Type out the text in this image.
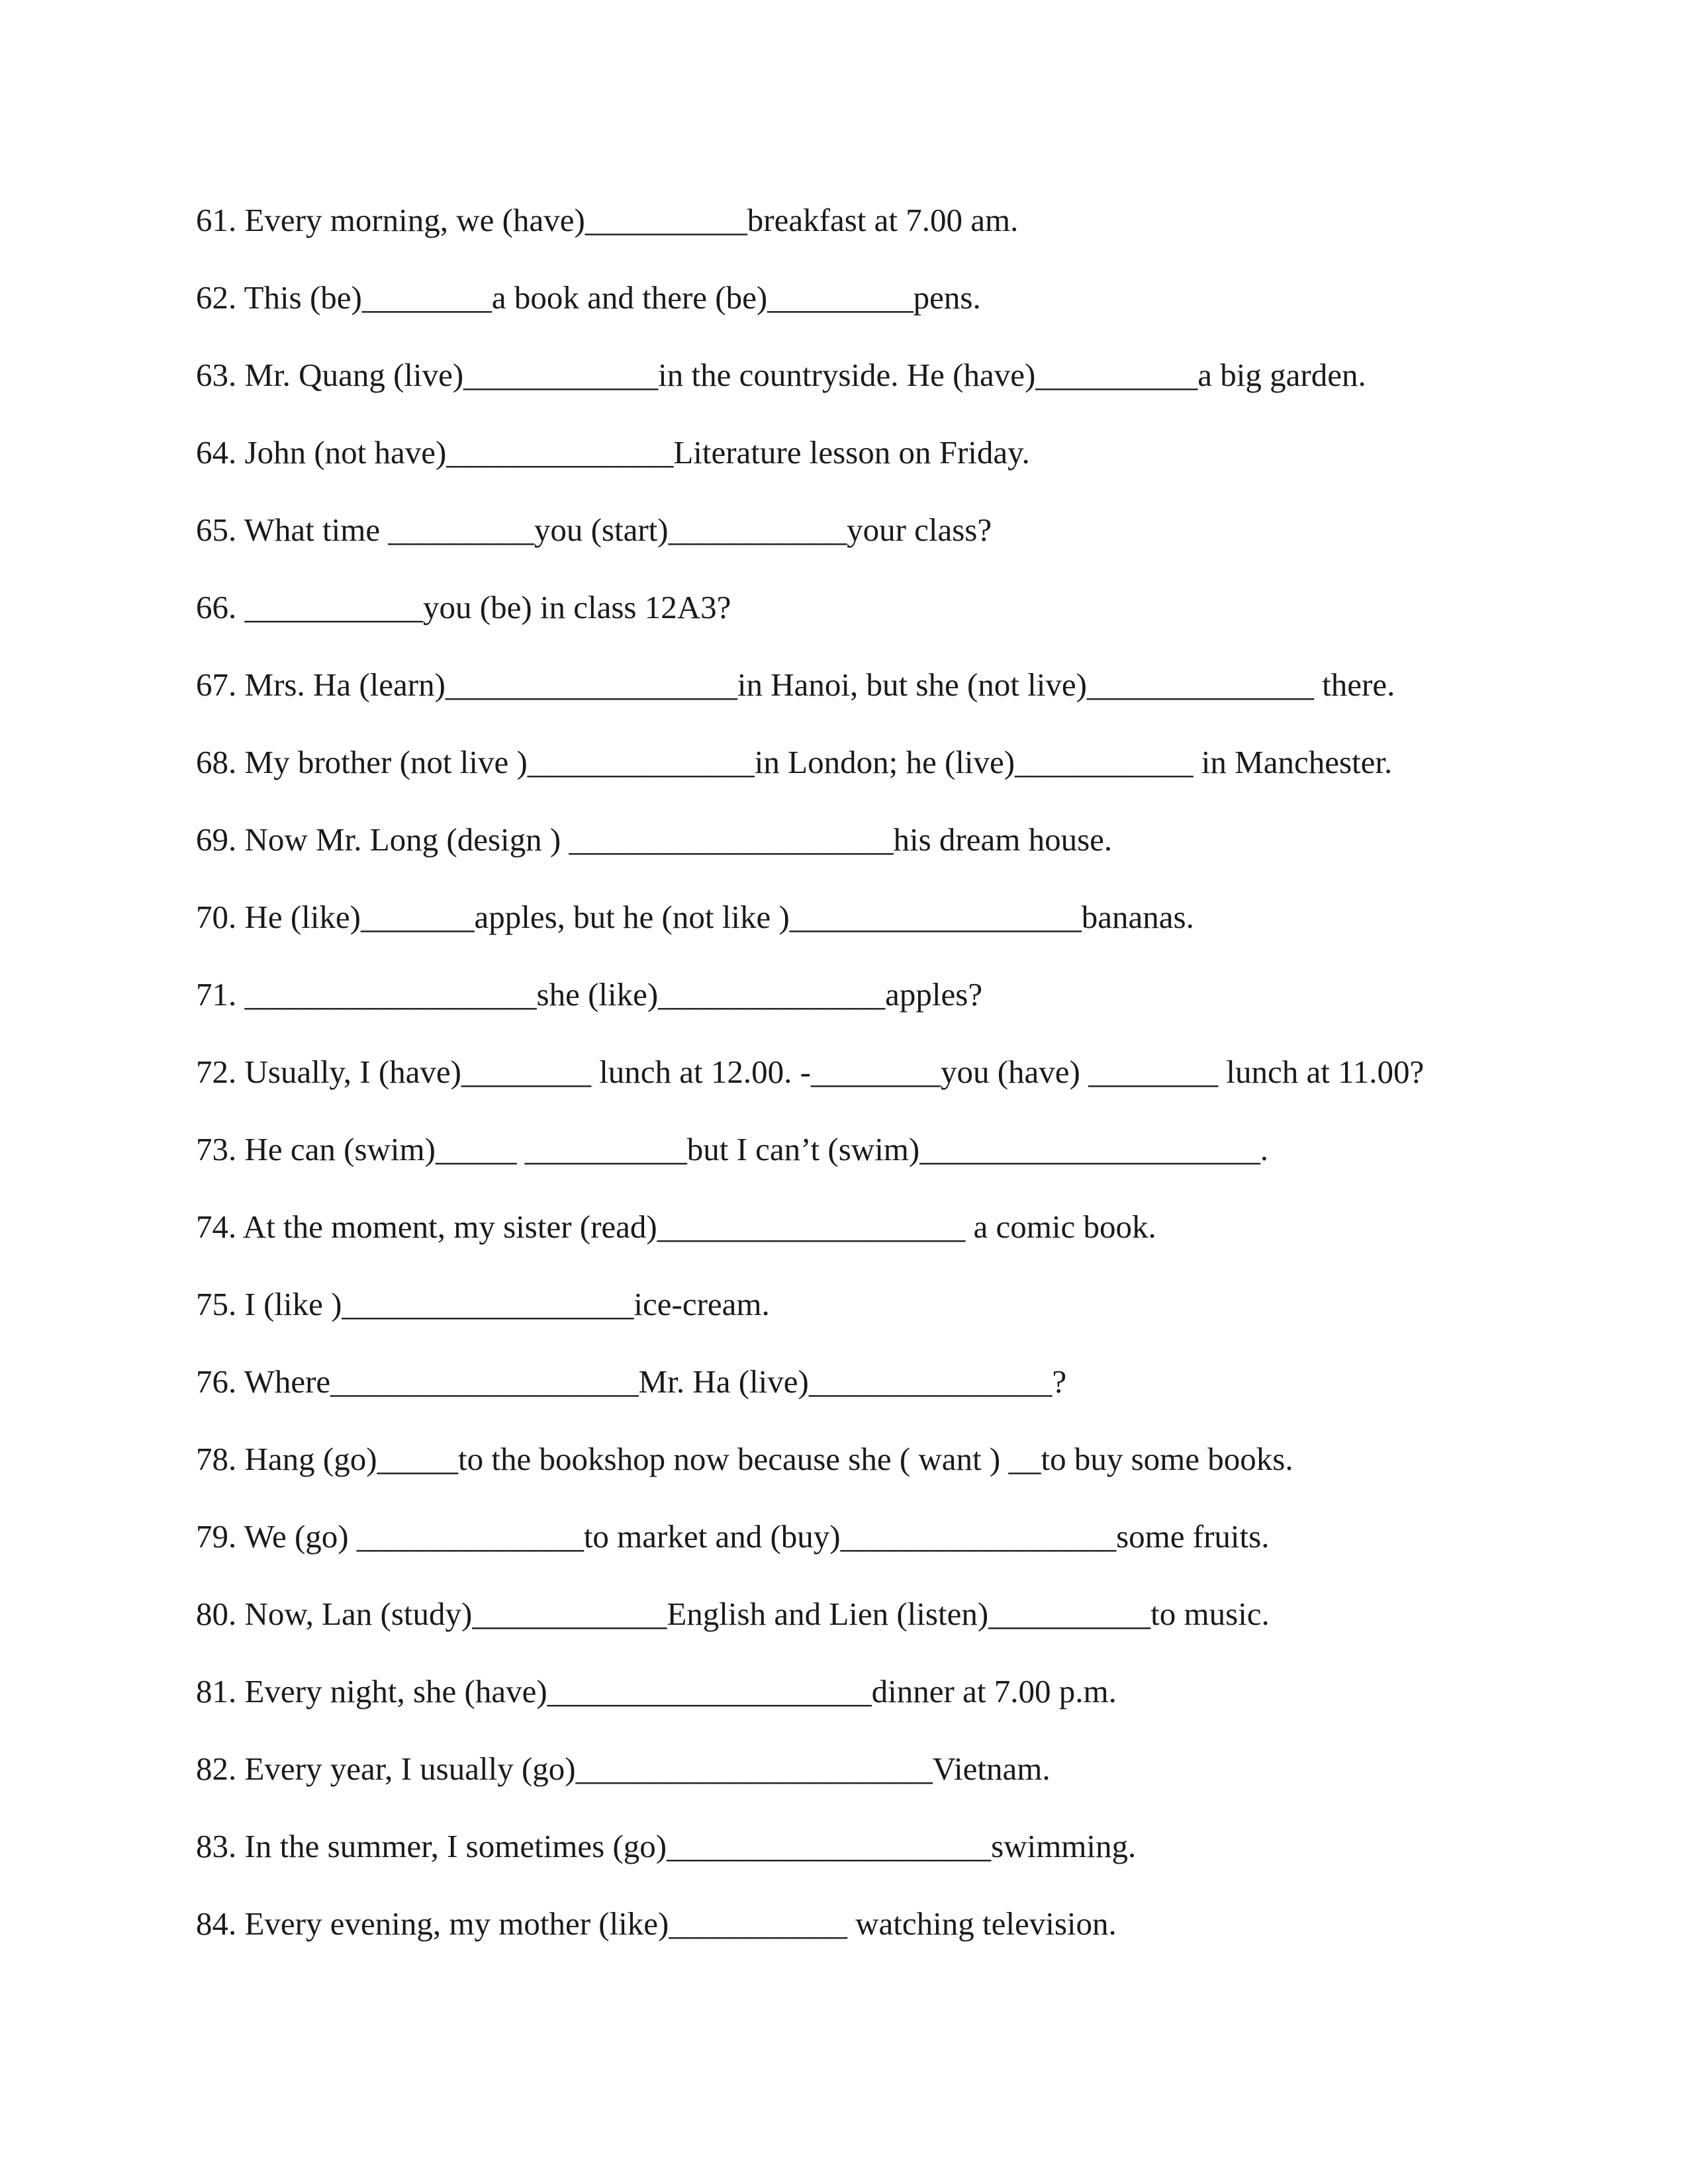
61. Every morning, we (have)__________breakfast at 7.00 am.
62. This (be)________a book and there (be)_________pens.
63. Mr. Quang (live)____________in the countryside. He (have)__________a big garden.
64. John (not have)______________Literature lesson on Friday.
65. What time _________you (start)___________your class?
66. ___________you (be) in class 12A3?
67. Mrs. Ha (learn)__________________in Hanoi, but she (not live)______________ there.
68. My brother (not live )______________in London; he (live)___________ in Manchester.
69. Now Mr. Long (design ) ____________________his dream house.
70. He (like)_______apples, but he (not like )__________________bananas.
71. __________________she (like)______________apples?
72. Usually, I (have)________ lunch at 12.00. -________you (have) ________ lunch at 11.00?
73. He can (swim)_____ __________but I can’t (swim)_____________________.
74. At the moment, my sister (read)___________________ a comic book.
75. I (like )__________________ice-cream.
76. Where___________________Mr. Ha (live)_______________?
78. Hang (go)_____to the bookshop now because she ( want ) __to buy some books.
79. We (go) ______________to market and (buy)_________________some fruits.
80. Now, Lan (study)____________English and Lien (listen)__________to music.
81. Every night, she (have)____________________dinner at 7.00 p.m.
82. Every year, I usually (go)______________________Vietnam.
83. In the summer, I sometimes (go)____________________swimming.
84. Every evening, my mother (like)___________ watching television.
